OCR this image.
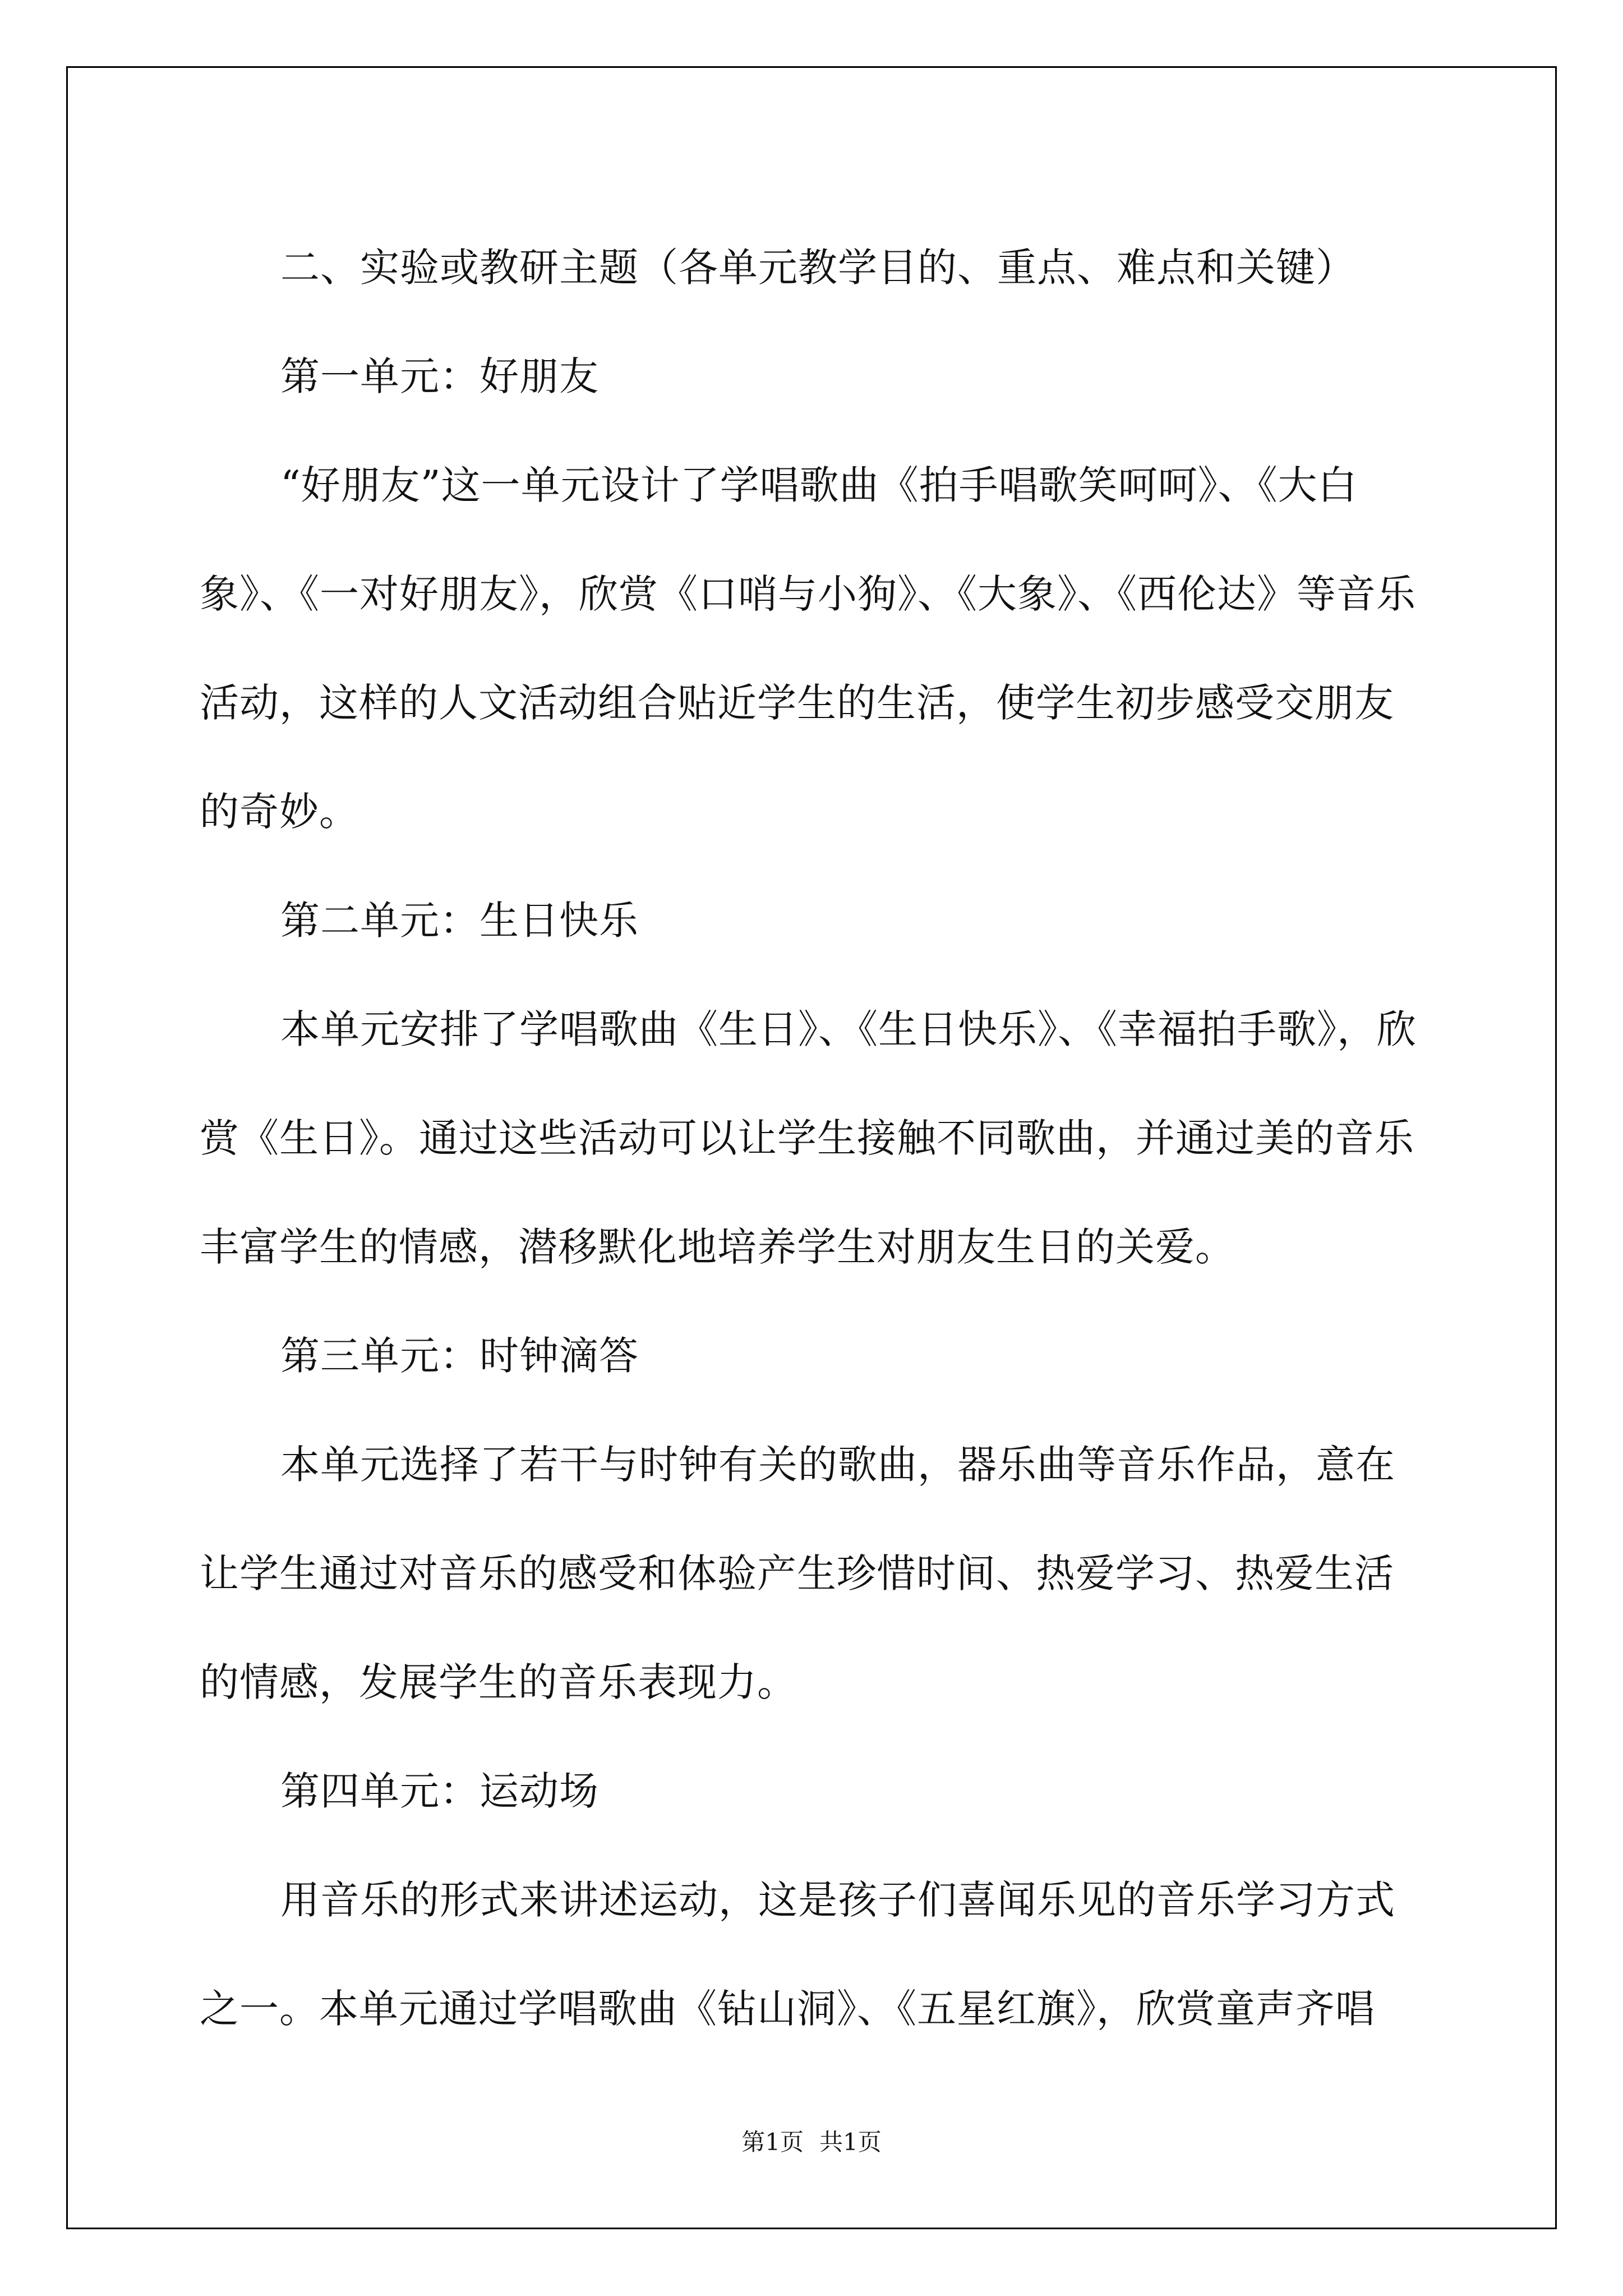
二、实验或教研主题（各单元教学目的、重点、难点和关键）
第一单元：好朋友
“好朋友”这一单元设计了学唱歌曲《拍手唱歌笑呵呵》、《大白
象》、《一对好朋友》，欣赏《口哨与小狗》、《大象》、《西伦达》等音乐
活动，这样的人文活动组合贴近学生的生活，使学生初步感受交朋友
的奇妙。
第二单元：生日快乐
本单元安排了学唱歌曲《生日》、《生日快乐》、《幸福拍手歌》，欣
赏《生日》。通过这些活动可以让学生接触不同歌曲，并通过美的音乐
丰富学生的情感，潜移默化地培养学生对朋友生日的关爱。
第三单元：时钟滴答
本单元选择了若干与时钟有关的歌曲，器乐曲等音乐作品，意在
让学生通过对音乐的感受和体验产生珍惜时间、热爱学习、热爱生活
的情感，发展学生的音乐表现力。
第四单元：运动场
用音乐的形式来讲述运动，这是孩子们喜闻乐见的音乐学习方式
之一。本单元通过学唱歌曲《钻山洞》、《五星红旗》，欣赏童声齐唱
第1页 共1页
